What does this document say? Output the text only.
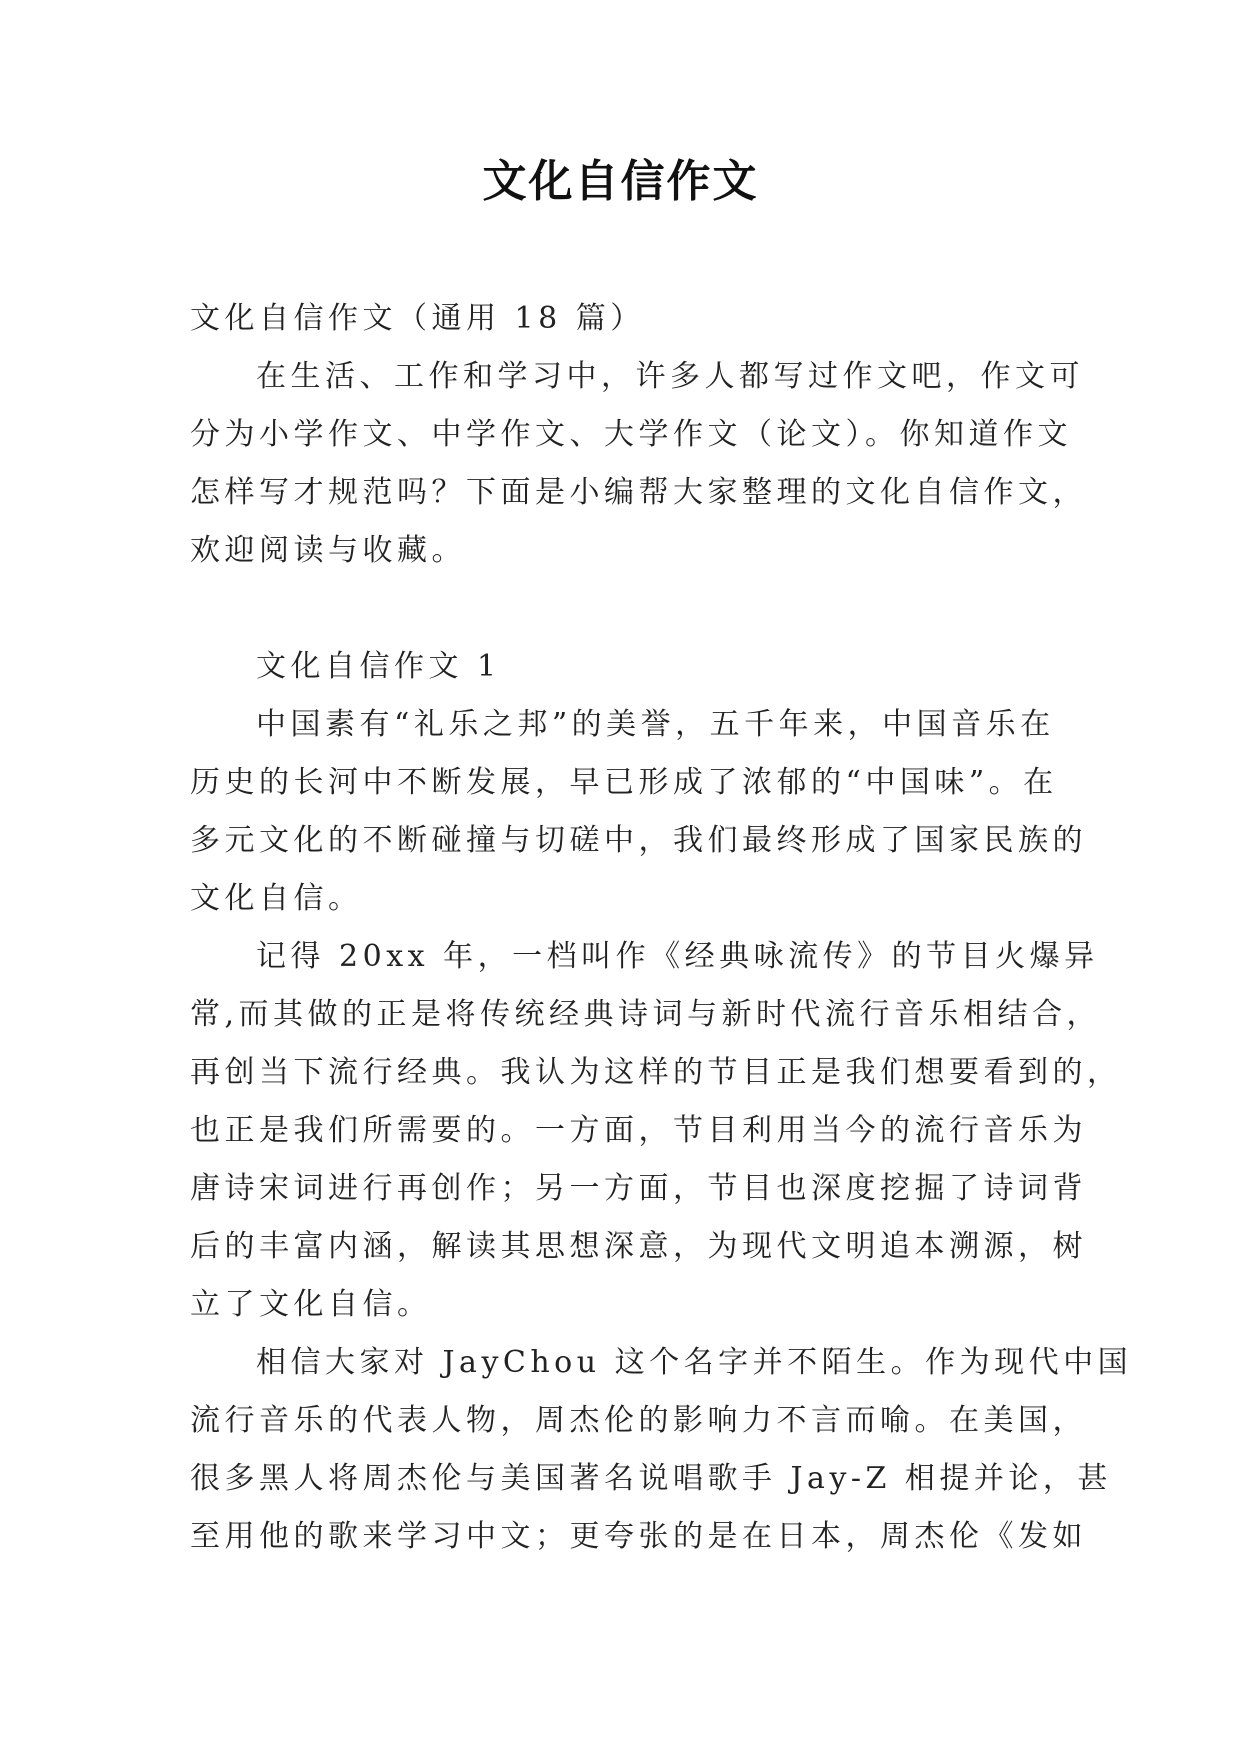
文化自信作文
文化自信作文（通用 18 篇）
在生活、工作和学习中，许多人都写过作文吧，作文可
分为小学作文、中学作文、大学作文（论文）。你知道作文
怎样写才规范吗？下面是小编帮大家整理的文化自信作文，
欢迎阅读与收藏。
文化自信作文 1
中国素有“礼乐之邦”的美誉，五千年来，中国音乐在
历史的长河中不断发展，早已形成了浓郁的“中国味”。在
多元文化的不断碰撞与切磋中，我们最终形成了国家民族的
文化自信。
记得 20xx 年，一档叫作《经典咏流传》的节目火爆异
常,而其做的正是将传统经典诗词与新时代流行音乐相结合，
再创当下流行经典。我认为这样的节目正是我们想要看到的，
也正是我们所需要的。一方面，节目利用当今的流行音乐为
唐诗宋词进行再创作；另一方面，节目也深度挖掘了诗词背
后的丰富内涵，解读其思想深意，为现代文明追本溯源，树
立了文化自信。
相信大家对 JayChou 这个名字并不陌生。作为现代中国
流行音乐的代表人物，周杰伦的影响力不言而喻。在美国，
很多黑人将周杰伦与美国著名说唱歌手 Jay-Z 相提并论，甚
至用他的歌来学习中文；更夸张的是在日本，周杰伦《发如
